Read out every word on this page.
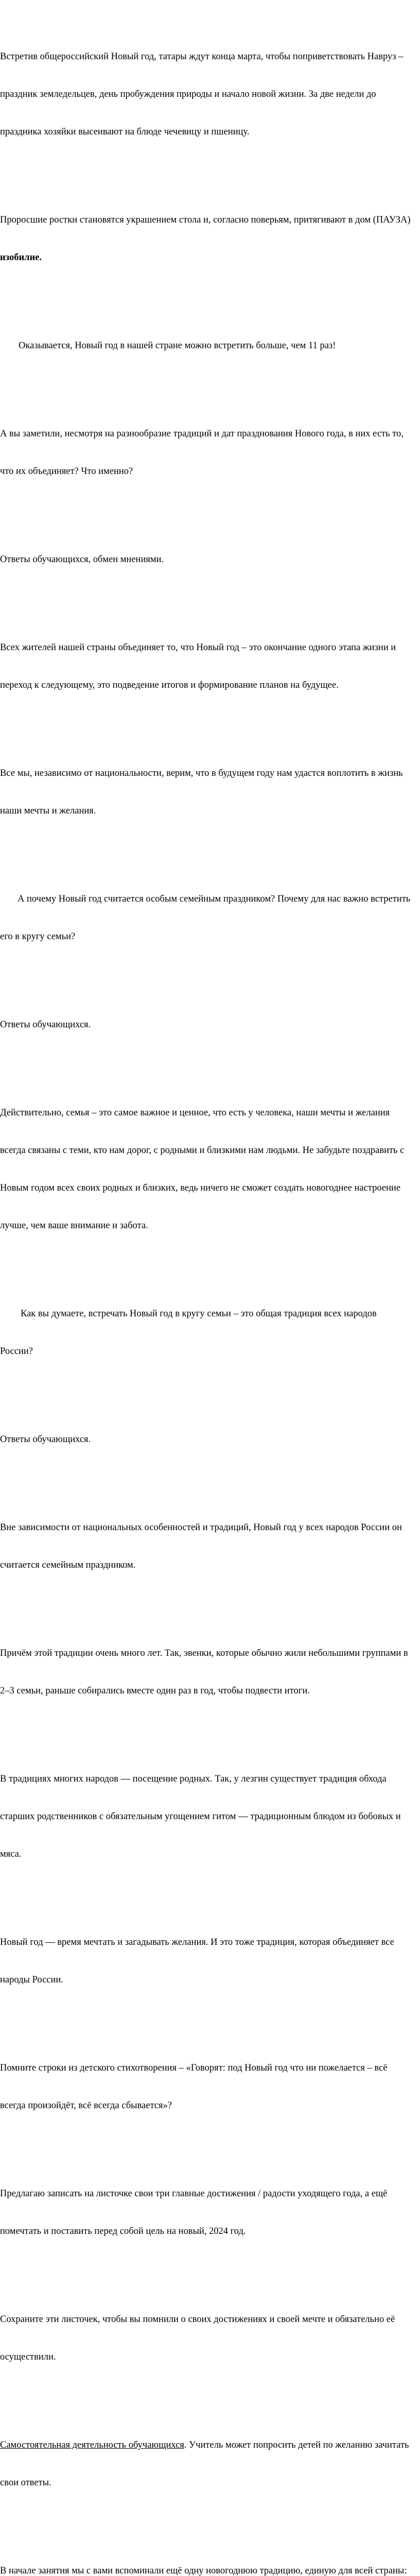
Встретив общероссийский Новый год, татары ждут конца марта, чтобы поприветствовать Навруз –

праздник земледельцев, день пробуждения природы и начало новой жизни. За две недели до

праздника хозяйки высеивают на блюде чечевицу и пшеницу.

Проросшие ростки становятся украшением стола и, согласно поверьям, притягивают в дом (ПАУЗА)

изобилие.

Оказывается, Новый год в нашей стране можно встретить больше, чем 11 раз!

А вы заметили, несмотря на разнообразие традиций и дат празднования Нового года, в них есть то,

что их объединяет? Что именно?

Ответы обучающихся, обмен мнениями.

Всех жителей нашей страны объединяет то, что Новый год – это окончание одного этапа жизни и

переход к следующему, это подведение итогов и формирование планов на будущее.

Все мы, независимо от национальности, верим, что в будущем году нам удастся воплотить в жизнь

наши мечты и желания.

А почему Новый год считается особым семейным праздником? Почему для нас важно встретить

его в кругу семьи?

Ответы обучающихся.

Действительно, семья – это самое важное и ценное, что есть у человека, наши мечты и желания

всегда связаны с теми, кто нам дорог, с родными и близкими нам людьми. Не забудьте поздравить с

Новым годом всех своих родных и близких, ведь ничего не сможет создать новогоднее настроение

лучше, чем ваше внимание и забота.

Как вы думаете, встречать Новый год в кругу семьи – это общая традиция всех народов

России?

Ответы обучающихся.

Вне зависимости от национальных особенностей и традиций, Новый год у всех народов России он

считается семейным праздником.

Причём этой традиции очень много лет. Так, эвенки, которые обычно жили небольшими группами в

2–3 семьи, раньше собирались вместе один раз в год, чтобы подвести итоги.

В традициях многих народов — посещение родных. Так, у лезгин существует традиция обхода

старших родственников с обязательным угощением гитом — традиционным блюдом из бобовых и

мяса.

Новый год — время мечтать и загадывать желания. И это тоже традиция, которая объединяет все

народы России.

Помните строки из детского стихотворения – «Говорят: под Новый год что ни пожелается – всё

всегда произойдёт, всё всегда сбывается»?

Предлагаю записать на листочке свои три главные достижения / радости уходящего года, а ещё

помечтать и поставить перед собой цель на новый, 2024 год.

Сохраните эти листочек, чтобы вы помнили о своих достижениях и своей мечте и обязательно её

осуществили.

Самостоятельная деятельность обучающихся. Учитель может попросить детей по желанию зачитать

свои ответы.

В начале занятия мы с вами вспоминали ещё одну новогоднюю традицию, единую для всей страны:
